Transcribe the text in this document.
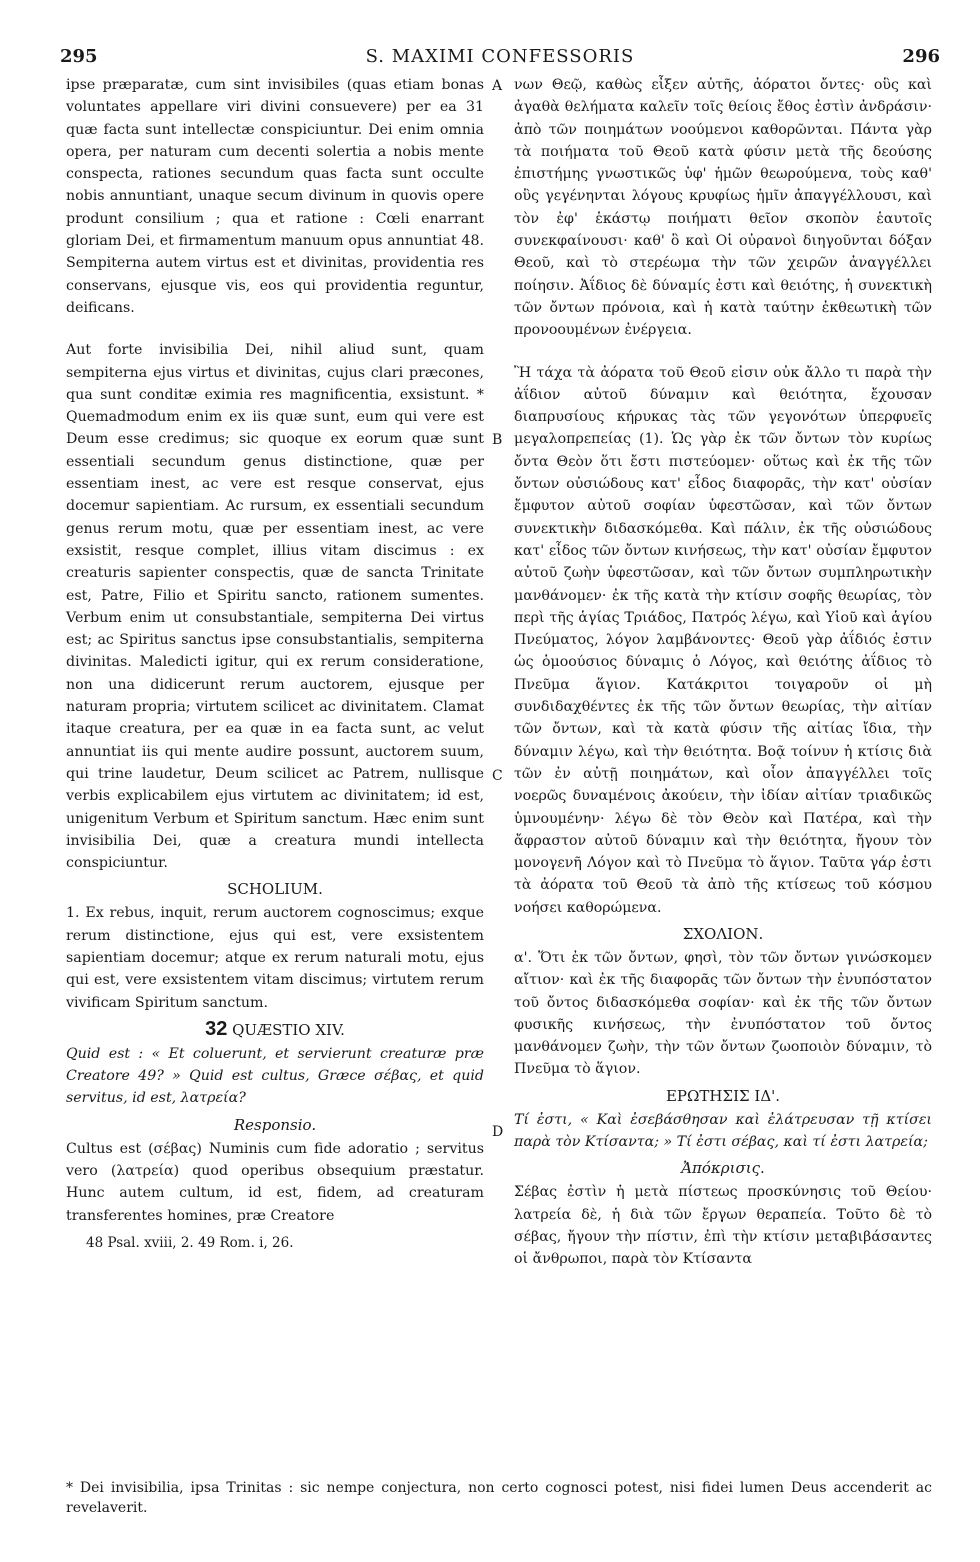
295	S. MAXIMI CONFESSORIS	296
A
B
C
D

ipse præparatæ, cum sint invisibiles (quas etiam bonas voluntates appellare viri divini consuevere) per ea 31 quæ facta sunt intellectæ conspiciuntur. Dei enim omnia opera, per naturam cum decenti solertia a nobis mente conspecta, rationes secundum quas facta sunt occulte nobis annuntiant, unaque secum divinum in quovis opere produnt consilium ; qua et ratione : Cœli enarrant gloriam Dei, et firmamentum manuum opus annuntiat 48. Sempiterna autem virtus est et divinitas, providentia res conservans, ejusque vis, eos qui providentia reguntur, deificans.

Aut forte invisibilia Dei, nihil aliud sunt, quam sempiterna ejus virtus et divinitas, cujus clari præcones, qua sunt conditæ eximia res magnificentia, exsistunt. * Quemadmodum enim ex iis quæ sunt, eum qui vere est Deum esse credimus; sic quoque ex eorum quæ sunt essentiali secundum genus distinctione, quæ per essentiam inest, ac vere est resque conservat, ejus docemur sapientiam. Ac rursum, ex essentiali secundum genus rerum motu, quæ per essentiam inest, ac vere exsistit, resque complet, illius vitam discimus : ex creaturis sapienter conspectis, quæ de sancta Trinitate est, Patre, Filio et Spiritu sancto, rationem sumentes. Verbum enim ut consubstantiale, sempiterna Dei virtus est; ac Spiritus sanctus ipse consubstantialis, sempiterna divinitas. Maledicti igitur, qui ex rerum consideratione, non una didicerunt rerum auctorem, ejusque per naturam propria; virtutem scilicet ac divinitatem. Clamat itaque creatura, per ea quæ in ea facta sunt, ac velut annuntiat iis qui mente audire possunt, auctorem suum, qui trine laudetur, Deum scilicet ac Patrem, nullisque verbis explicabilem ejus virtutem ac divinitatem; id est, unigenitum Verbum et Spiritum sanctum. Hæc enim sunt invisibilia Dei, quæ a creatura mundi intellecta conspiciuntur.

SCHOLIUM.

1. Ex rebus, inquit, rerum auctorem cognoscimus; exque rerum distinctione, ejus qui est, vere exsistentem sapientiam docemur; atque ex rerum naturali motu, ejus qui est, vere exsistentem vitam discimus; virtutem rerum vivificam Spiritum sanctum.

32 QUÆSTIO XIV.

Quid est : « Et coluerunt, et servierunt creaturæ præ Creatore 49? » Quid est cultus, Græce σέβας, et quid servitus, id est, λατρεία?

Responsio.

Cultus est (σέβας) Numinis cum fide adoratio ; servitus vero (λατρεία) quod operibus obsequium præstatur. Hunc autem cultum, id est, fidem, ad creaturam transferentes homines, præ Creatore

48 Psal. xviii, 2. 49 Rom. i, 26.

νων Θεῷ, καθὼς εἶξεν αὐτῆς, ἀόρατοι ὄντες· οὓς καὶ ἀγαθὰ θελήματα καλεῖν τοῖς θείοις ἔθος ἐστὶν ἀνδράσιν· ἀπὸ τῶν ποιημάτων νοούμενοι καθορῶνται. Πάντα γὰρ τὰ ποιήματα τοῦ Θεοῦ κατὰ φύσιν μετὰ τῆς δεούσης ἐπιστήμης γνωστικῶς ὑφ' ἡμῶν θεωρούμενα, τοὺς καθ' οὓς γεγένηνται λόγους κρυφίως ἡμῖν ἀπαγγέλλουσι, καὶ τὸν ἐφ' ἑκάστῳ ποιήματι θεῖον σκοπὸν ἑαυτοῖς συνεκφαίνουσι· καθ' ὃ καὶ Οἱ οὐρανοὶ διηγοῦνται δόξαν Θεοῦ, καὶ τὸ στερέωμα τὴν τῶν χειρῶν ἀναγγέλλει ποίησιν. Ἀΐδιος δὲ δύναμίς ἐστι καὶ θειότης, ἡ συνεκτικὴ τῶν ὄντων πρόνοια, καὶ ἡ κατὰ ταύτην ἐκθεωτικὴ τῶν προνοουμένων ἐνέργεια.

Ἢ τάχα τὰ ἀόρατα τοῦ Θεοῦ εἰσιν οὐκ ἄλλο τι παρὰ τὴν ἀΐδιον αὐτοῦ δύναμιν καὶ θειότητα, ἔχουσαν διαπρυσίους κήρυκας τὰς τῶν γεγονότων ὑπερφυεῖς μεγαλοπρεπείας (1). Ὡς γὰρ ἐκ τῶν ὄντων τὸν κυρίως ὄντα Θεὸν ὅτι ἔστι πιστεύομεν· οὕτως καὶ ἐκ τῆς τῶν ὄντων οὐσιώδους κατ' εἶδος διαφορᾶς, τὴν κατ' οὐσίαν ἔμφυτον αὐτοῦ σοφίαν ὑφεστῶσαν, καὶ τῶν ὄντων συνεκτικὴν διδασκόμεθα. Καὶ πάλιν, ἐκ τῆς οὐσιώδους κατ' εἶδος τῶν ὄντων κινήσεως, τὴν κατ' οὐσίαν ἔμφυτον αὐτοῦ ζωὴν ὑφεστῶσαν, καὶ τῶν ὄντων συμπληρωτικὴν μανθάνομεν· ἐκ τῆς κατὰ τὴν κτίσιν σοφῆς θεωρίας, τὸν περὶ τῆς ἁγίας Τριάδος, Πατρός λέγω, καὶ Υἱοῦ καὶ ἁγίου Πνεύματος, λόγον λαμβάνοντες· Θεοῦ γὰρ ἀΐδιός ἐστιν ὡς ὁμοούσιος δύναμις ὁ Λόγος, καὶ θειότης ἀΐδιος τὸ Πνεῦμα ἅγιον. Κατάκριτοι τοιγαροῦν οἱ μὴ συνδιδαχθέντες ἐκ τῆς τῶν ὄντων θεωρίας, τὴν αἰτίαν τῶν ὄντων, καὶ τὰ κατὰ φύσιν τῆς αἰτίας ἴδια, τὴν δύναμιν λέγω, καὶ τὴν θειότητα. Βοᾷ τοίνυν ἡ κτίσις διὰ τῶν ἐν αὐτῇ ποιημάτων, καὶ οἷον ἀπαγγέλλει τοῖς νοερῶς δυναμένοις ἀκούειν, τὴν ἰδίαν αἰτίαν τριαδικῶς ὑμνουμένην· λέγω δὲ τὸν Θεὸν καὶ Πατέρα, καὶ τὴν ἄφραστον αὐτοῦ δύναμιν καὶ τὴν θειότητα, ἤγουν τὸν μονογενῆ Λόγον καὶ τὸ Πνεῦμα τὸ ἅγιον. Ταῦτα γάρ ἐστι τὰ ἀόρατα τοῦ Θεοῦ τὰ ἀπὸ τῆς κτίσεως τοῦ κόσμου νοήσει καθορώμενα.

ΣΧΟΛΙΟΝ.

α'. Ὅτι ἐκ τῶν ὄντων, φησὶ, τὸν τῶν ὄντων γινώσκομεν αἴτιον· καὶ ἐκ τῆς διαφορᾶς τῶν ὄντων τὴν ἐνυπόστατον τοῦ ὄντος διδασκόμεθα σοφίαν· καὶ ἐκ τῆς τῶν ὄντων φυσικῆς κινήσεως, τὴν ἐνυπόστατον τοῦ ὄντος μανθάνομεν ζωὴν, τὴν τῶν ὄντων ζωοποιὸν δύναμιν, τὸ Πνεῦμα τὸ ἅγιον.

ΕΡΩΤΗΣΙΣ ΙΔ'.

Τί ἐστι, « Καὶ ἐσεβάσθησαν καὶ ἐλάτρευσαν τῇ κτίσει παρὰ τὸν Κτίσαντα; » Τί ἐστι σέβας, καὶ τί ἐστι λατρεία;

Ἀπόκρισις.

Σέβας ἐστὶν ἡ μετὰ πίστεως προσκύνησις τοῦ Θείου· λατρεία δὲ, ἡ διὰ τῶν ἔργων θεραπεία. Τοῦτο δὲ τὸ σέβας, ἤγουν τὴν πίστιν, ἐπὶ τὴν κτίσιν μεταβιβάσαντες οἱ ἄνθρωποι, παρὰ τὸν Κτίσαντα

* Dei invisibilia, ipsa Trinitas : sic nempe conjectura, non certo cognosci potest, nisi fidei lumen Deus accenderit ac revelaverit.
